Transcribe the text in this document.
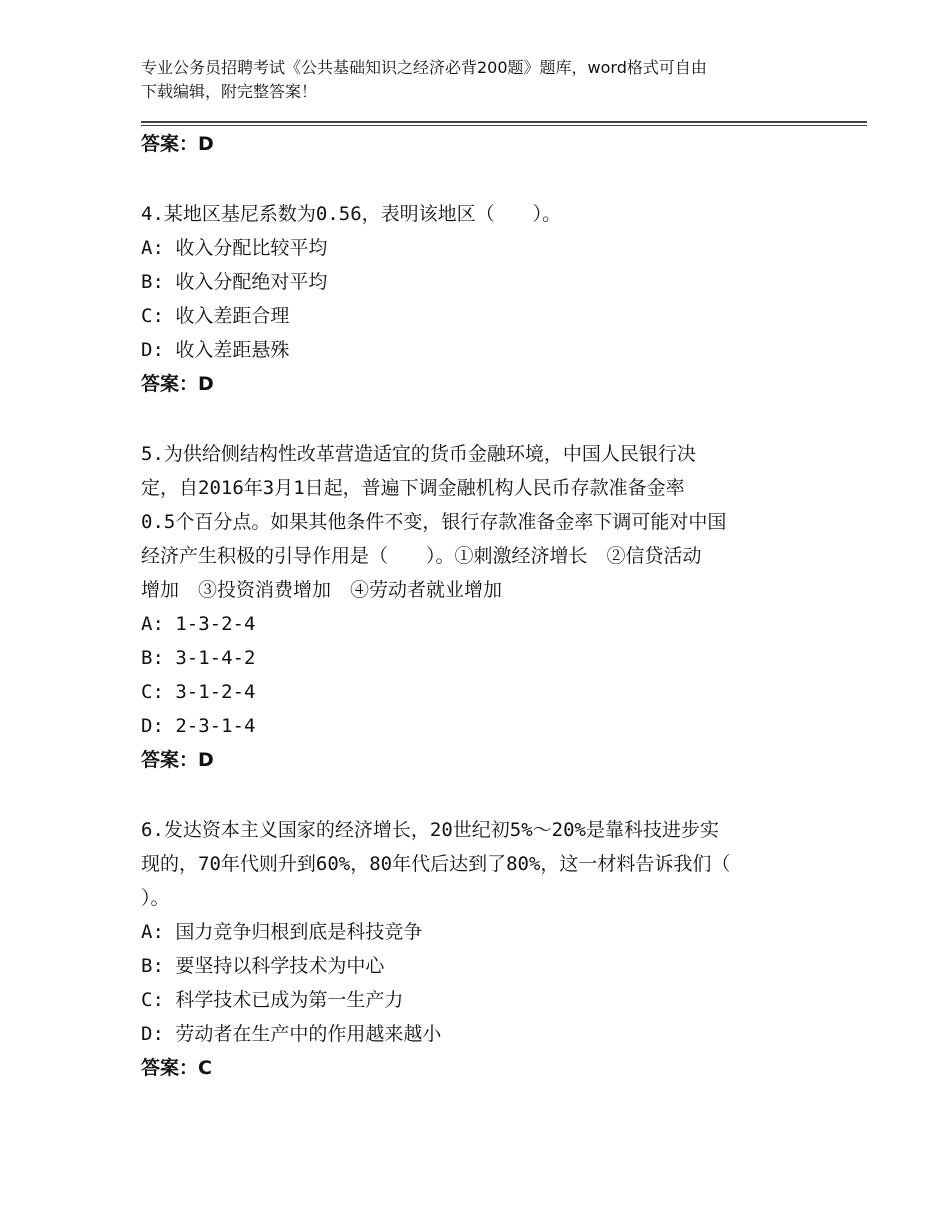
专业公务员招聘考试《公共基础知识之经济必背200题》题库，word格式可自由
下载编辑，附完整答案！
答案：D
4.某地区基尼系数为0.56，表明该地区（　　）。
A: 收入分配比较平均
B: 收入分配绝对平均
C: 收入差距合理
D: 收入差距悬殊
答案：D
5.为供给侧结构性改革营造适宜的货币金融环境，中国人民银行决
定，自2016年3月1日起，普遍下调金融机构人民币存款准备金率
0.5个百分点。如果其他条件不变，银行存款准备金率下调可能对中国
经济产生积极的引导作用是（　　）。①刺激经济增长　②信贷活动
增加　③投资消费增加　④劳动者就业增加
A: 1-3-2-4
B: 3-1-4-2
C: 3-1-2-4
D: 2-3-1-4
答案：D
6.发达资本主义国家的经济增长，20世纪初5%～20%是靠科技进步实
现的，70年代则升到60%，80年代后达到了80%，这一材料告诉我们（
）。
A: 国力竞争归根到底是科技竞争
B: 要坚持以科学技术为中心
C: 科学技术已成为第一生产力
D: 劳动者在生产中的作用越来越小
答案：C
